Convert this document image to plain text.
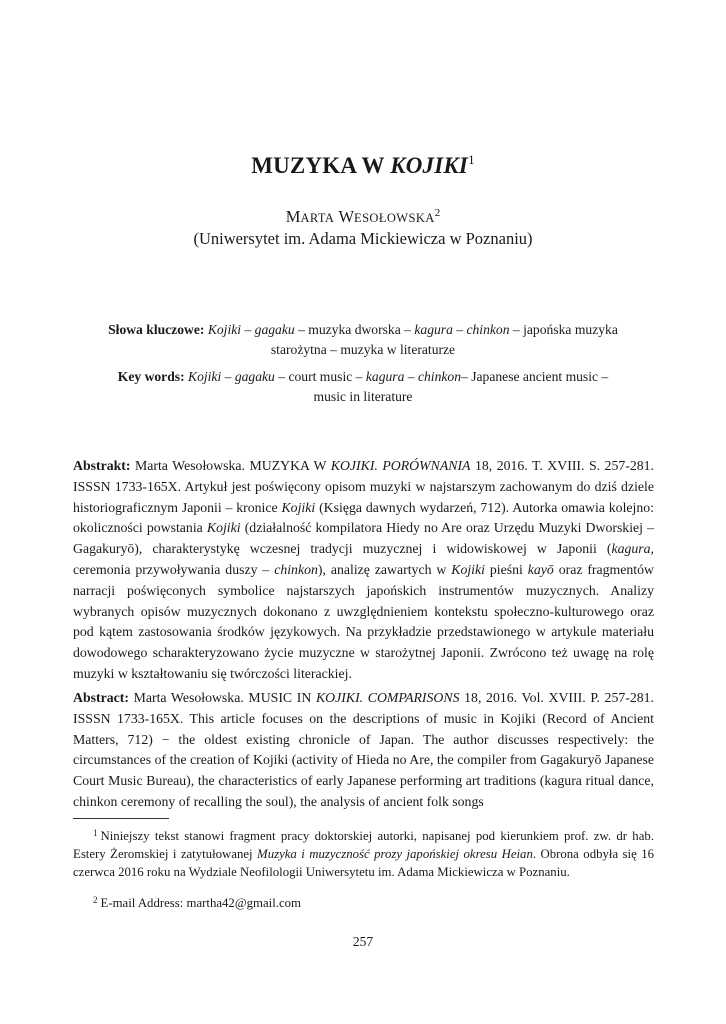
MUZYKA W KOJIKI$^1$
MARTA WESOŁOWSKA$^2$
(Uniwersytet im. Adama Mickiewicza w Poznaniu)
Słowa kluczowe: Kojiki – gagaku – muzyka dworska – kagura – chinkon – japońska muzyka starożytna – muzyka w literaturze
Key words: Kojiki – gagaku – court music – kagura – chinkon– Japanese ancient music – music in literature
Abstrakt: Marta Wesołowska. MUZYKA W KOJIKI. PORÓWNANIA 18, 2016. T. XVIII. S. 257-281. ISSSN 1733-165X. Artykuł jest poświęcony opisom muzyki w najstarszym zachowanym do dziś dziele historiograficznym Japonii – kronice Kojiki (Księga dawnych wydarzeń, 712). Autorka omawia kolejno: okoliczności powstania Kojiki (działalność kompilatora Hiedy no Are oraz Urzędu Muzyki Dworskiej – Gagakuryō), charakterystykę wczesnej tradycji muzycznej i widowiskowej w Japonii (kagura, ceremonia przywoływania duszy – chinkon), analizę zawartych w Kojiki pieśni kayō oraz fragmentów narracji poświęconych symbolice najstarszych japońskich instrumentów muzycznych. Analizy wybranych opisów muzycznych dokonano z uwzględnieniem kontekstu społeczno-kulturowego oraz pod kątem zastosowania środków językowych. Na przykładzie przedstawionego w artykule materiału dowodowego scharakteryzowano życie muzyczne w starożytnej Japonii. Zwrócono też uwagę na rolę muzyki w kształtowaniu się twórczości literackiej.
Abstract: Marta Wesołowska. MUSIC IN KOJIKI. COMPARISONS 18, 2016. Vol. XVIII. P. 257-281. ISSSN 1733-165X. This article focuses on the descriptions of music in Kojiki (Record of Ancient Matters, 712) − the oldest existing chronicle of Japan. The author discusses respectively: the circumstances of the creation of Kojiki (activity of Hieda no Are, the compiler from Gagakuryō Japanese Court Music Bureau), the characteristics of early Japanese performing art traditions (kagura ritual dance, chinkon ceremony of recalling the soul), the analysis of ancient folk songs
$^1$ Niniejszy tekst stanowi fragment pracy doktorskiej autorki, napisanej pod kierunkiem prof. zw. dr hab. Estery Żeromskiej i zatytułowanej Muzyka i muzyczność prozy japońskiej okresu Heian. Obrona odbyła się 16 czerwca 2016 roku na Wydziale Neofilologii Uniwersytetu im. Adama Mickiewicza w Poznaniu.
$^2$ E-mail Address: martha42@gmail.com
257
